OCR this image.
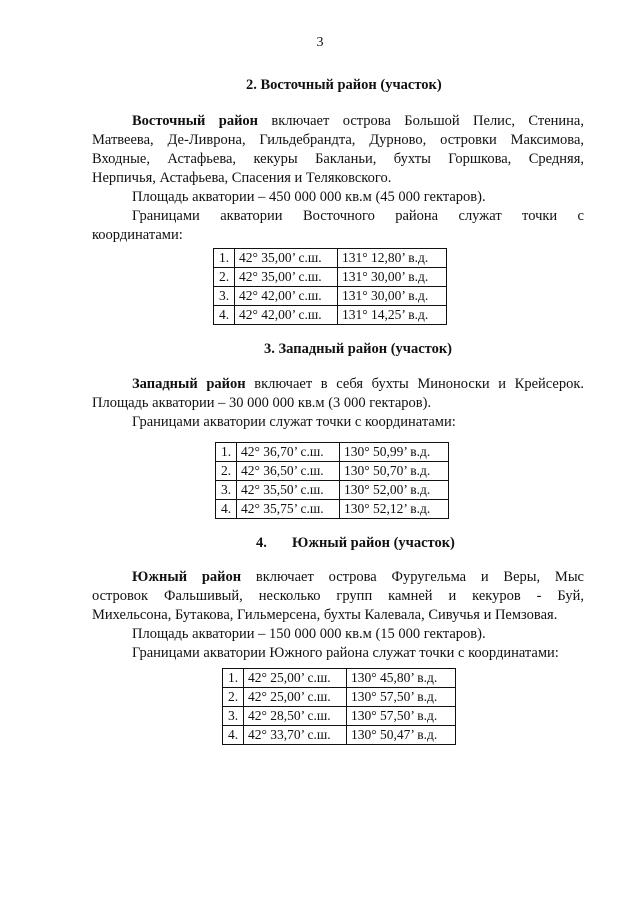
3
2. Восточный район (участок)

Восточный район включает острова Большой Пелис, Стенина,

Матвеева, Де-Ливрона, Гильдебрандта, Дурново, островки Максимова,

Входные, Астафьева, кекуры Бакланьи, бухты Горшкова, Средняя,

Нерпичья, Астафьева, Спасения и Теляковского.

Площадь акватории – 450 000 000 кв.м (45 000 гектаров).

Границами акватории Восточного района служат точки с

координатами:

1.	42° 35,00’ с.ш.	131° 12,80’ в.д.
2.	42° 35,00’ с.ш.	131° 30,00’ в.д.
3.	42° 42,00’ с.ш.	131° 30,00’ в.д.
4.	42° 42,00’ с.ш.	131° 14,25’ в.д.
3. Западный район (участок)

Западный район включает в себя бухты Миноноски и Крейсерок.

Площадь акватории – 30 000 000 кв.м (3 000 гектаров).

Границами акватории служат точки с координатами:

1.	42° 36,70’ с.ш.	130° 50,99’ в.д.
2.	42° 36,50’ с.ш.	130° 50,70’ в.д.
3.	42° 35,50’ с.ш.	130° 52,00’ в.д.
4.	42° 35,75’ с.ш.	130° 52,12’ в.д.
4. Южный район (участок)

Южный район включает острова Фуругельма и Веры, Мыс

островок Фальшивый, несколько групп камней и кекуров - Буй,

Михельсона, Бутакова, Гильмерсена, бухты Калевала, Сивучья и Пемзовая.

Площадь акватории – 150 000 000 кв.м (15 000 гектаров).

Границами акватории Южного района служат точки с координатами:

1.	42° 25,00’ с.ш.	130° 45,80’ в.д.
2.	42° 25,00’ с.ш.	130° 57,50’ в.д.
3.	42° 28,50’ с.ш.	130° 57,50’ в.д.
4.	42° 33,70’ с.ш.	130° 50,47’ в.д.
